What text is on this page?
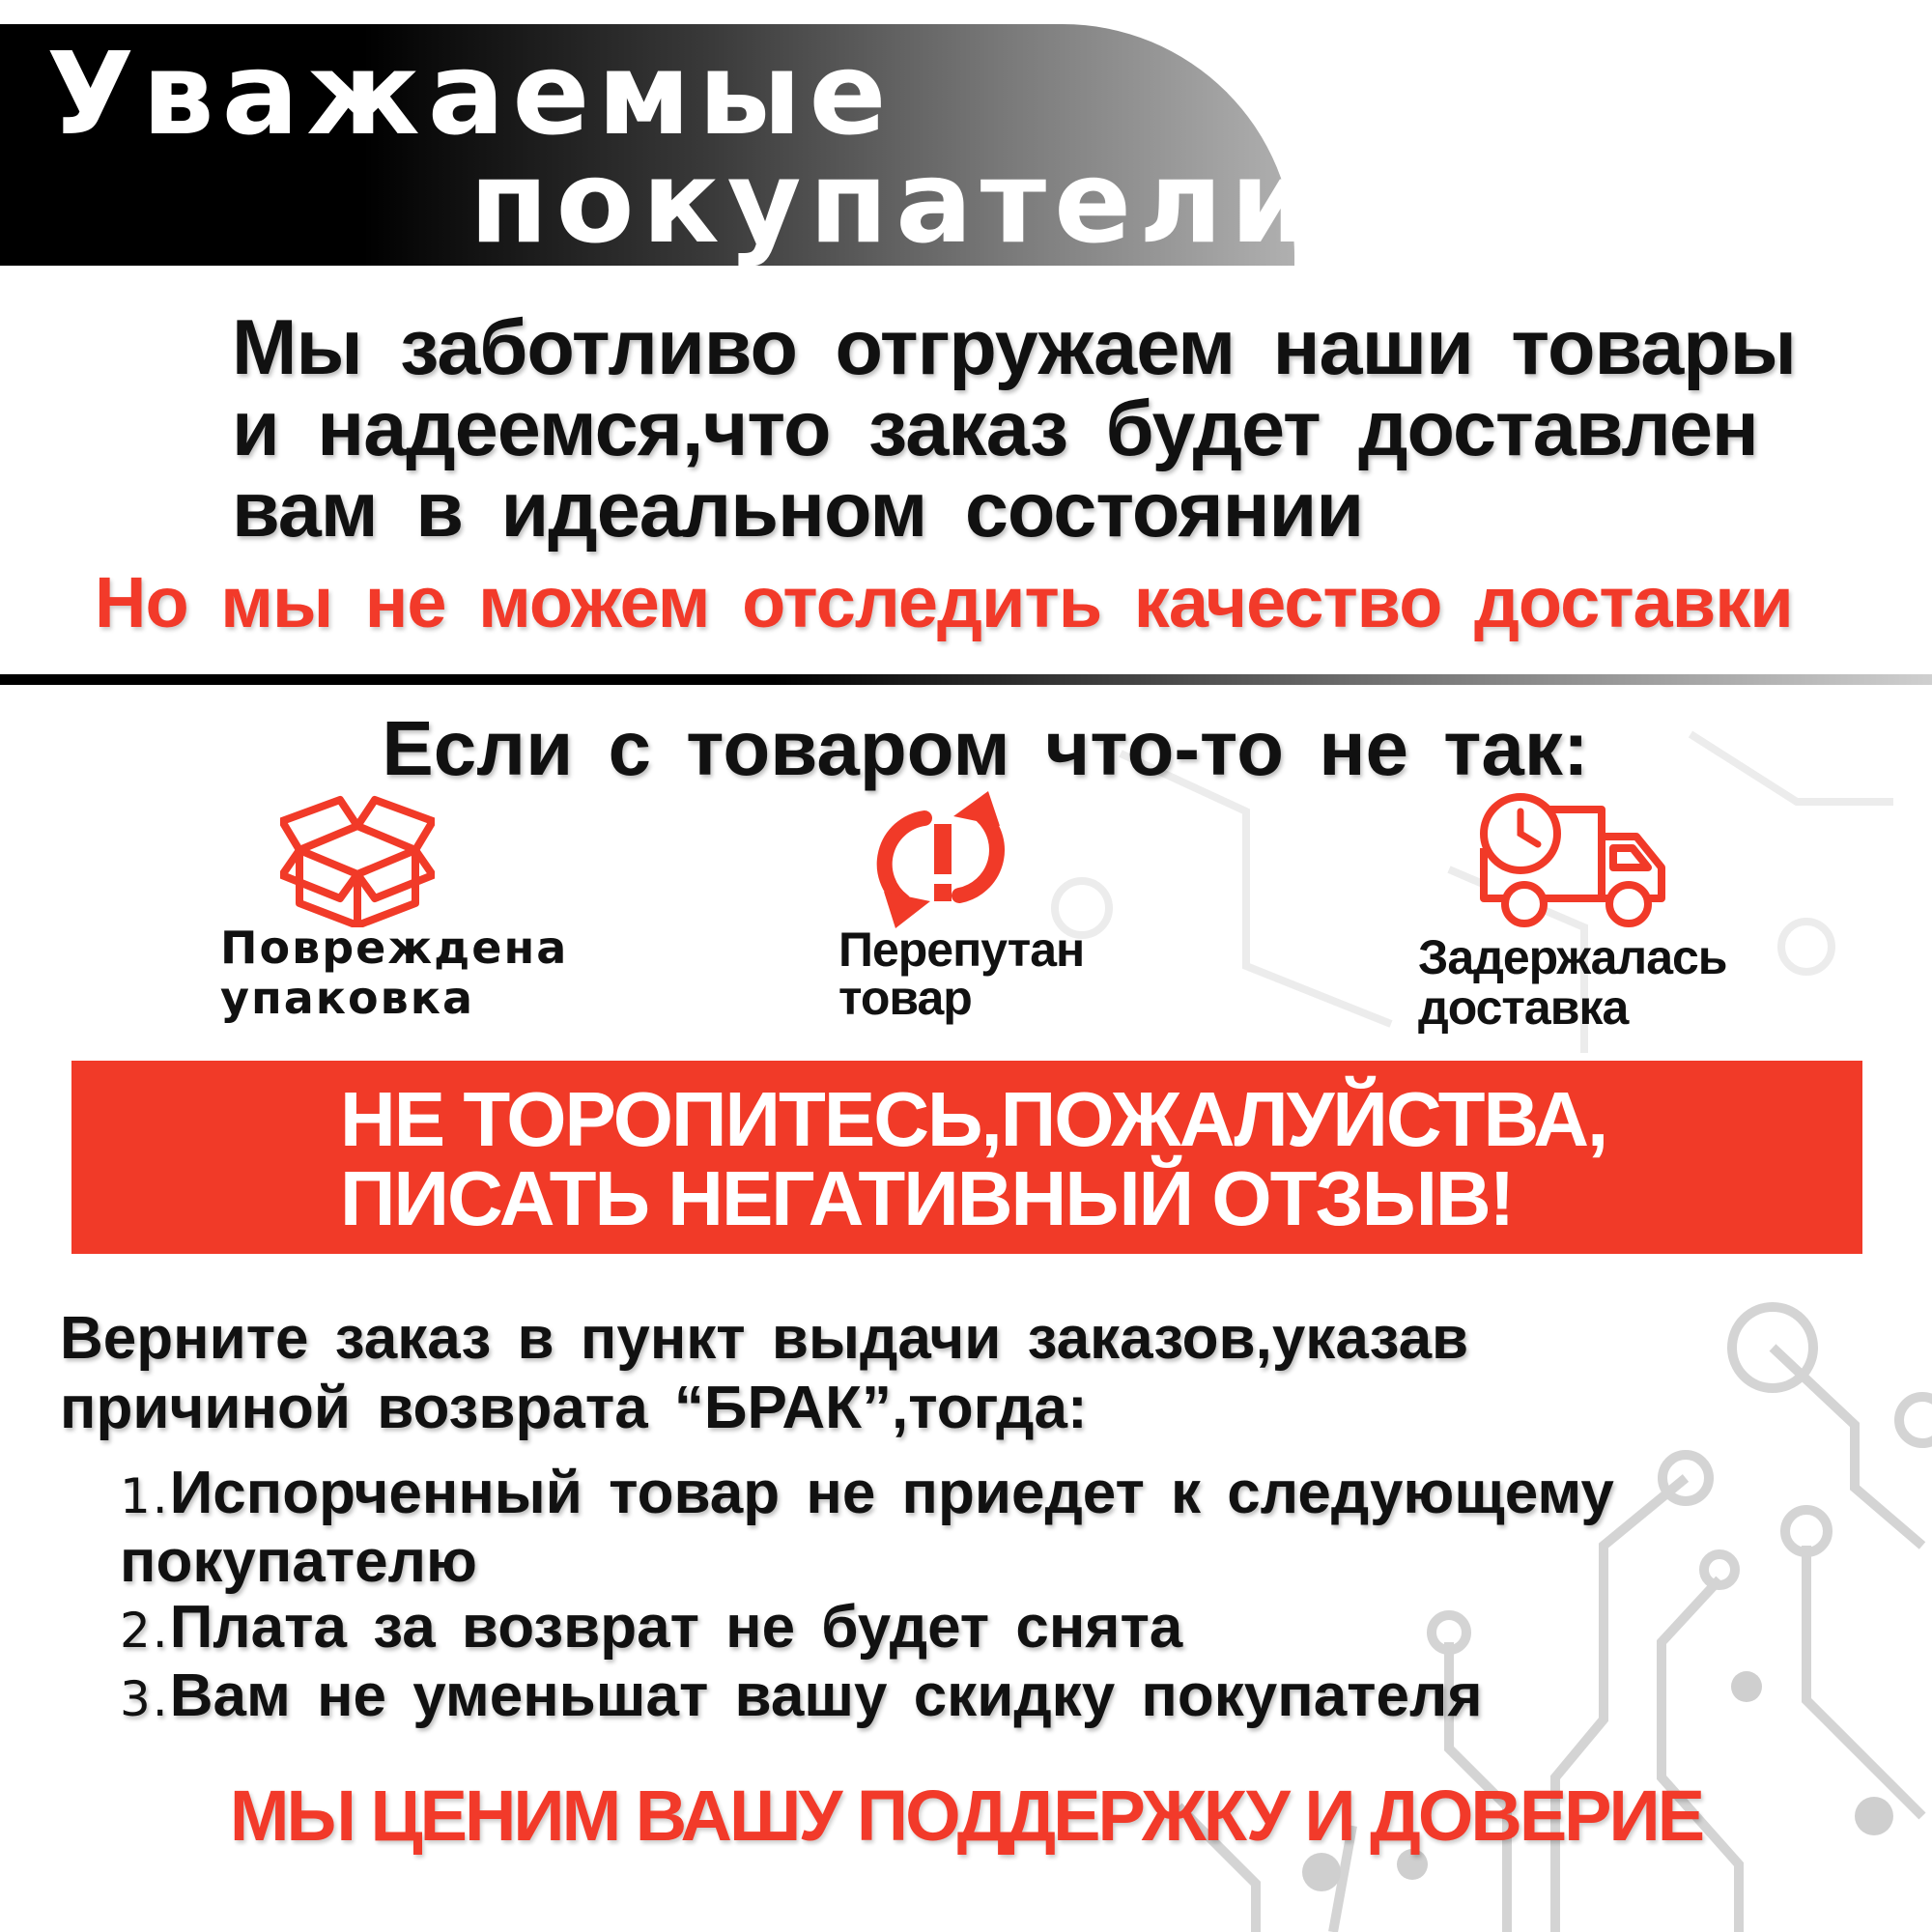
Уважаемые
покупатели!
Мы заботливо отгружаем наши товары
и надеемся,что заказ будет доставлен
вам в идеальном состоянии
Но мы не можем отследить качество доставки
Если с товаром что-то не так:
Повреждена
упаковка
Перепутан
товар
Задержалась
доставка
НЕ ТОРОПИТЕСЬ,ПОЖАЛУЙСТВА,
ПИСАТЬ НЕГАТИВНЫЙ ОТЗЫВ!
Верните заказ в пункт выдачи заказов,указав
причиной возврата “БРАК”,тогда:
1.Испорченный товар не приедет к следующему
покупателю
2.Плата за возврат не будет снята
3.Вам не уменьшат вашу скидку покупателя
МЫ ЦЕНИМ ВАШУ ПОДДЕРЖКУ И ДОВЕРИЕ
